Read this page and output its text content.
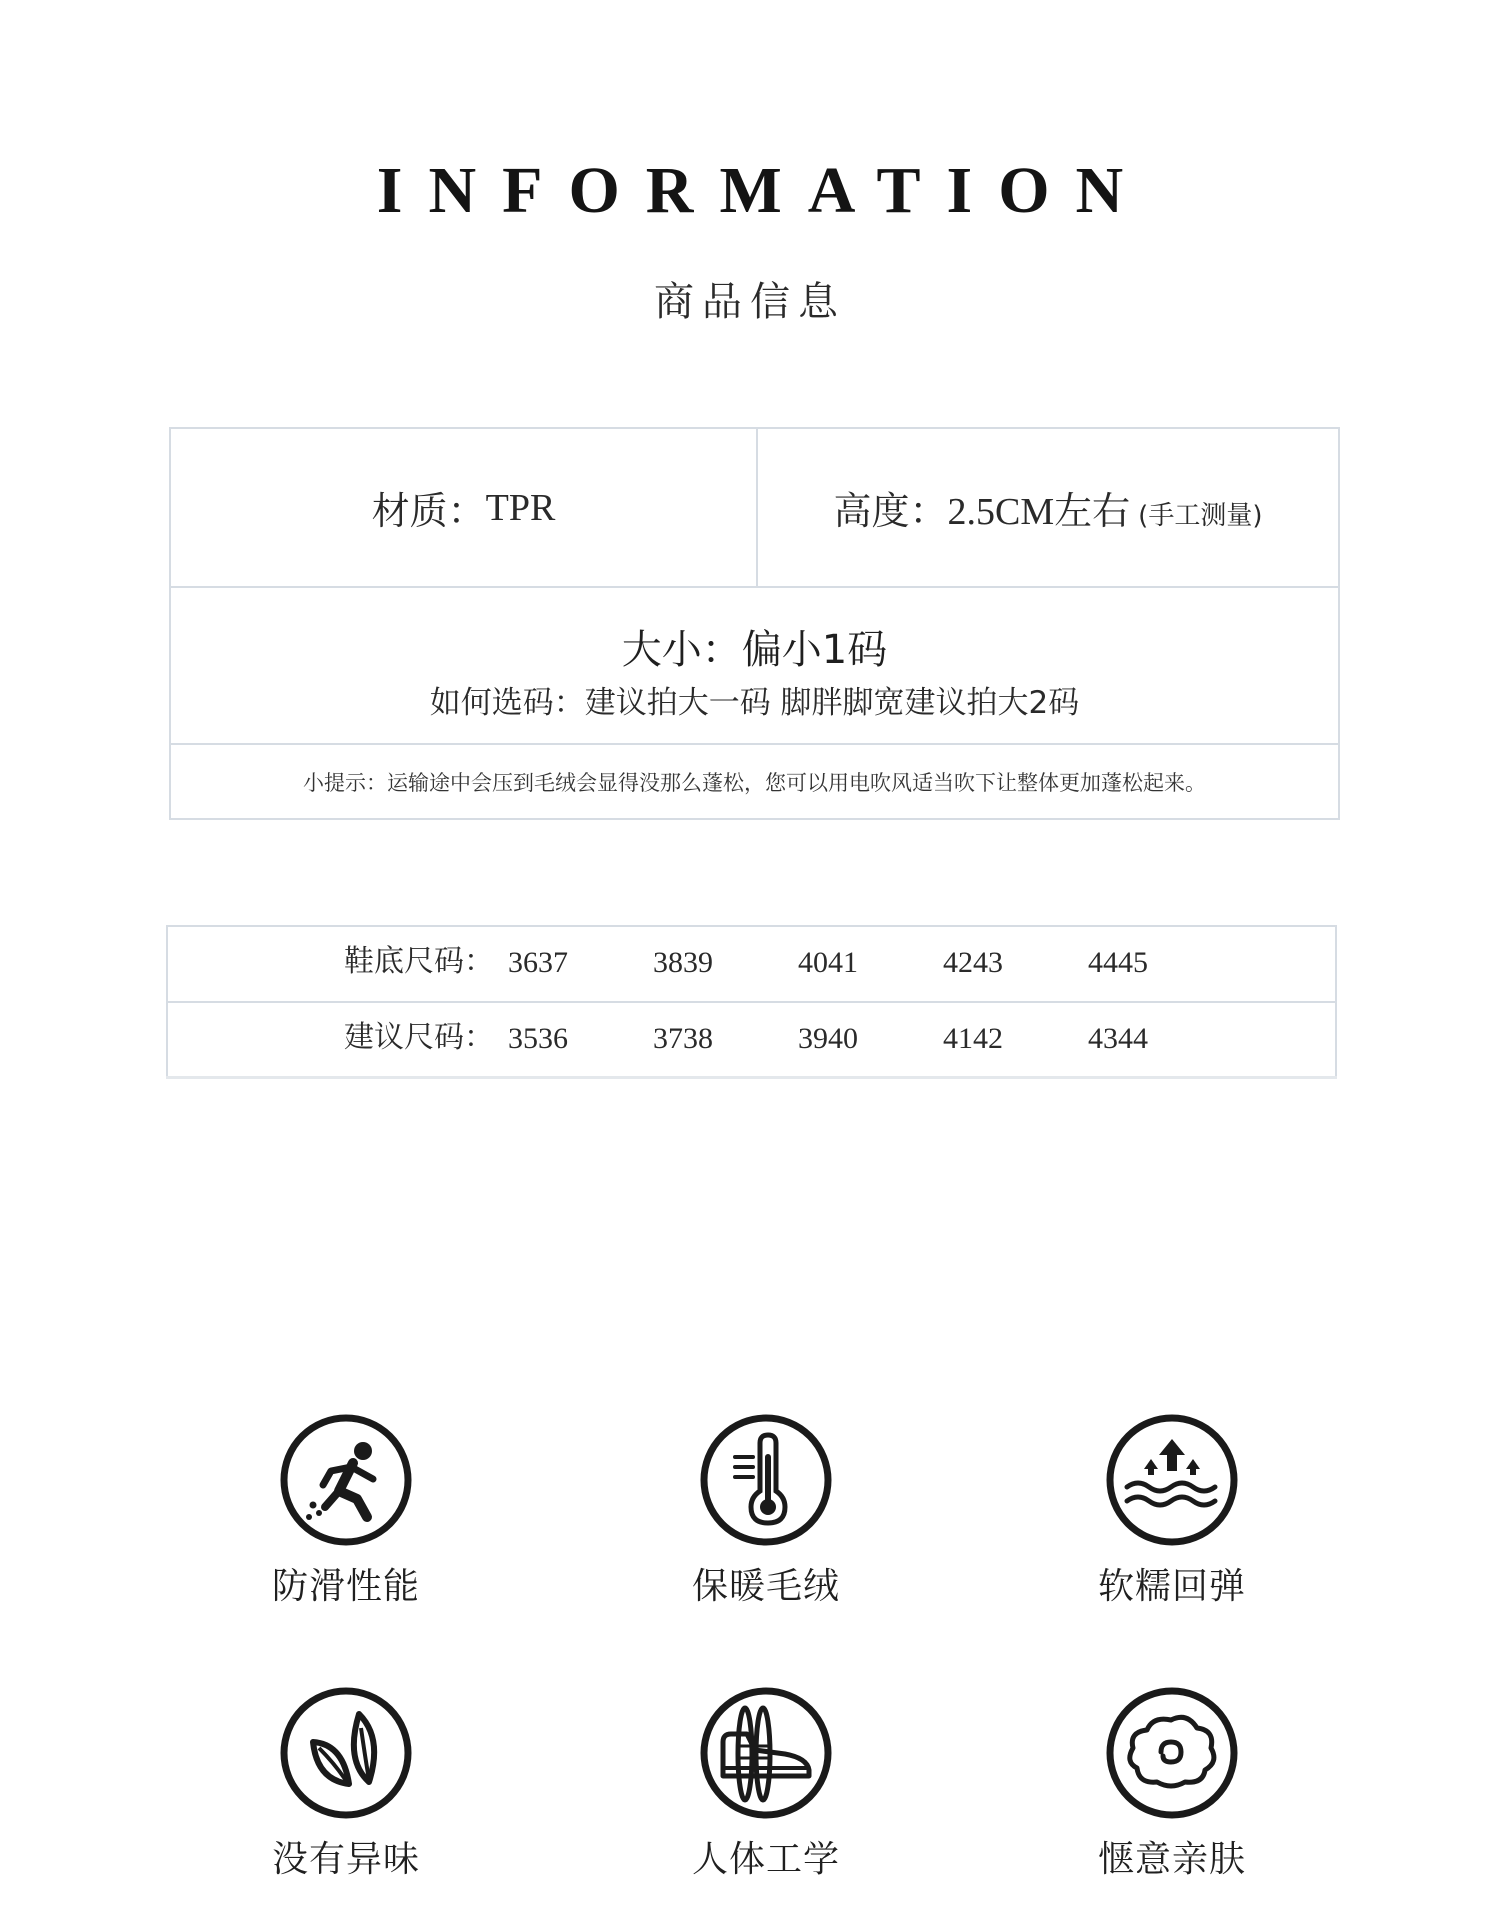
INFORMATION
商品信息
材质： TPR	高度： 2.5CM左右 (手工测量)
大小：偏小1码
如何选码：建议拍大一码 脚胖脚宽建议拍大2码
小提示：运输途中会压到毛绒会显得没那么蓬松，您可以用电吹风适当吹下让整体更加蓬松起来。
鞋底尺码： 3637	3839	4041	4243	4445
建议尺码： 3536	3738	3940	4142	4344
防滑性能	保暖毛绒	软糯回弹
没有异味	人体工学	惬意亲肤
